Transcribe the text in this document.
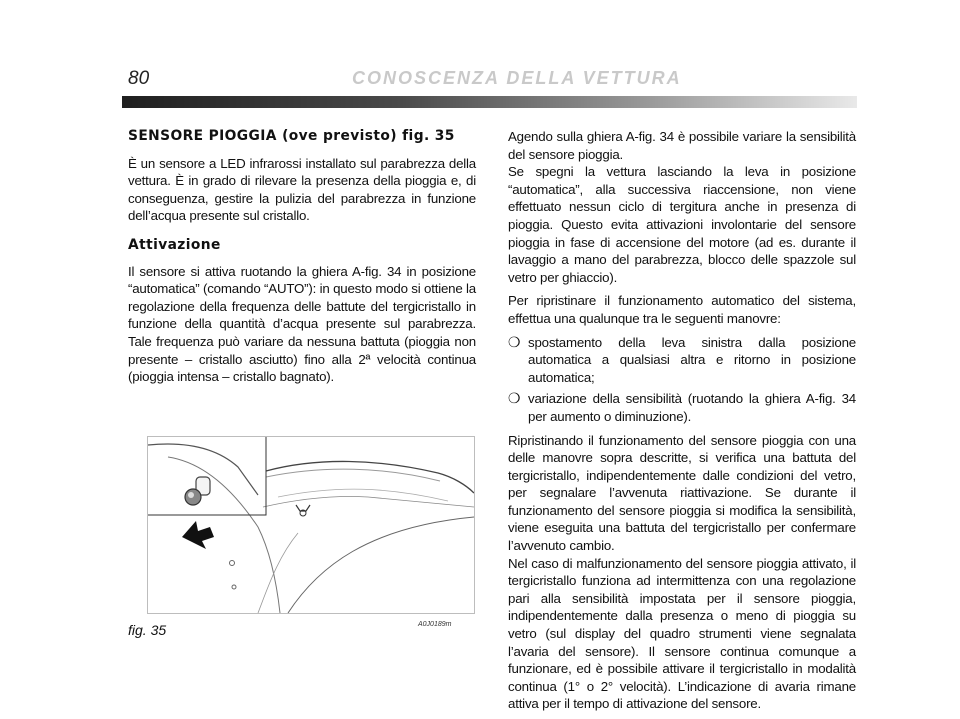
80	CONOSCENZA DELLA VETTURA
SENSORE PIOGGIA (ove previsto) fig. 35

È un sensore a LED infrarossi installato sul parabrezza della vettura. È in grado di rilevare la presenza della pioggia e, di conseguenza, gestire la pulizia del parabrezza in funzione dell’acqua presente sul cristallo.

Attivazione

Il sensore si attiva ruotando la ghiera A-fig. 34 in posizione “automatica” (comando “AUTO”): in questo modo si ottiene la regolazione della frequenza delle battute del tergicristallo in funzione della quantità d’acqua presente sul parabrezza. Tale frequenza può variare da nessuna battuta (pioggia non presente – cristallo asciutto) fino alla 2ª velocità continua (pioggia intensa – cristallo bagnato).

Agendo sulla ghiera A-fig. 34 è possibile variare la sensibilità del sensore pioggia.

Se spegni la vettura lasciando la leva in posizione “automatica”, alla successiva riaccensione, non viene effettuato nessun ciclo di tergitura anche in presenza di pioggia. Questo evita attivazioni involontarie del sensore pioggia in fase di accensione del motore (ad es. durante il lavaggio a mano del parabrezza, blocco delle spazzole sul vetro per ghiaccio).

Per ripristinare il funzionamento automatico del sistema, effettua una qualunque tra le seguenti manovre:

❍ spostamento della leva sinistra dalla posizione automatica a qualsiasi altra e ritorno in posizione automatica;
❍ variazione della sensibilità (ruotando la ghiera A-fig. 34 per aumento o diminuzione).

Ripristinando il funzionamento del sensore pioggia con una delle manovre sopra descritte, si verifica una battuta del tergicristallo, indipendentemente dalle condizioni del vetro, per segnalare l’avvenuta riattivazione. Se durante il funzionamento del sensore pioggia si modifica la sensibilità, viene eseguita una battuta del tergicristallo per confermare l’avvenuto cambio.

Nel caso di malfunzionamento del sensore pioggia attivato, il tergicristallo funziona ad intermittenza con una regolazione pari alla sensibilità impostata per il sensore pioggia, indipendentemente dalla presenza o meno di pioggia su vetro (sul display del quadro strumenti viene segnalata l’avaria del sensore). Il sensore continua comunque a funzionare, ed è possibile attivare il tergicristallo in modalità continua (1° o 2° velocità). L’indicazione di avaria rimane attiva per il tempo di attivazione del sensore.

fig. 35	A0J0189m
